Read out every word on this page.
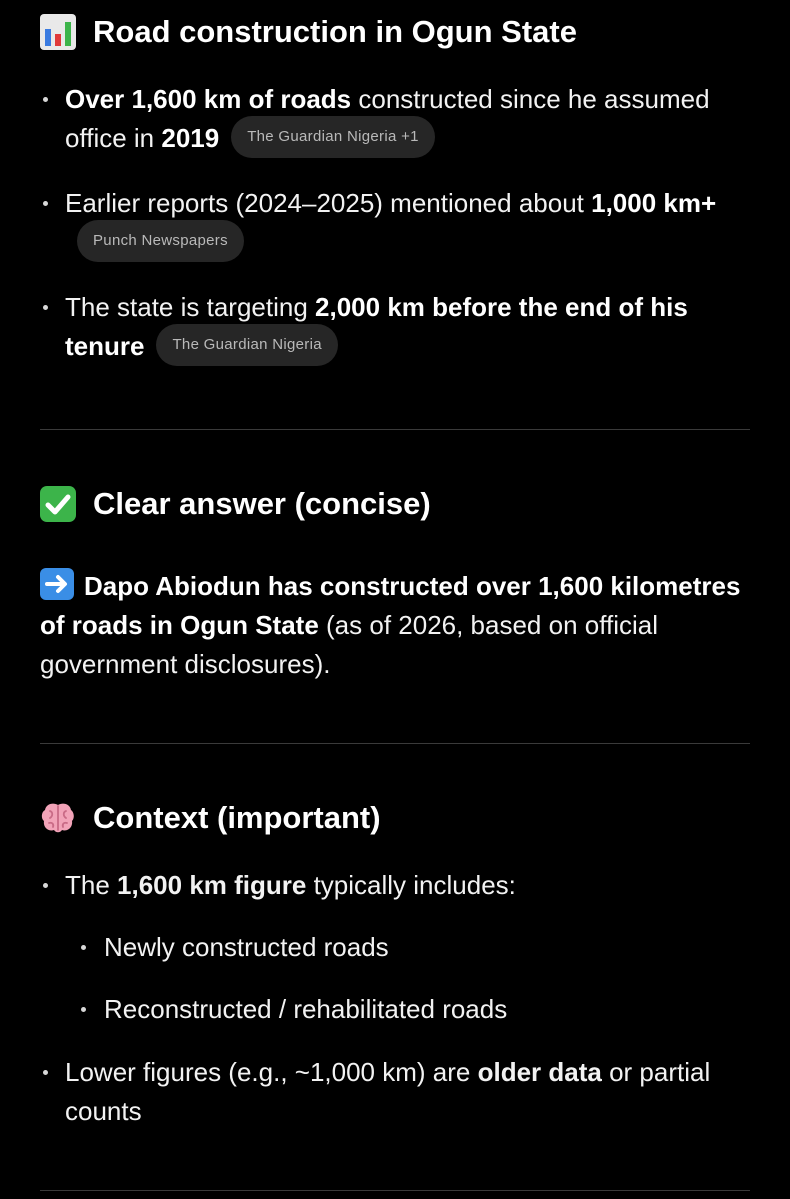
Road construction in Ogun State
Over 1,600 km of roads constructed since he assumed office in 2019 The Guardian Nigeria +1
Earlier reports (2024–2025) mentioned about 1,000 km+Punch Newspapers
The state is targeting 2,000 km before the end of his tenure The Guardian Nigeria
Clear answer (concise)
Dapo Abiodun has constructed over 1,600 kilometres of roads in Ogun State (as of 2026, based on official government disclosures).
Context (important)
The 1,600 km figure typically includes:
Newly constructed roads
Reconstructed / rehabilitated roads
Lower figures (e.g., ~1,000 km) are older data or partial counts
